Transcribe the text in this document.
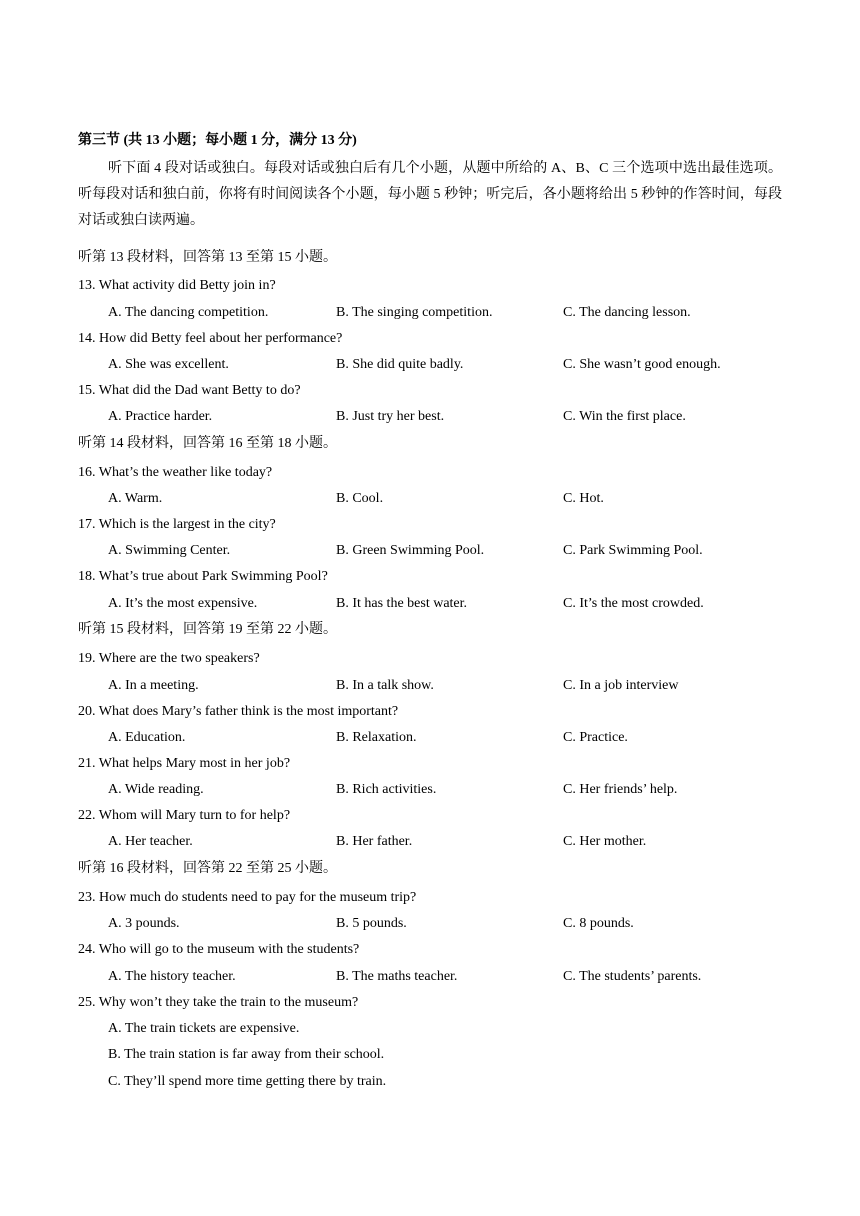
第三节 (共 13 小题；每小题 1 分，满分 13 分)
听下面 4 段对话或独白。每段对话或独白后有几个小题，从题中所给的 A、B、C 三个选项中选出最佳选项。听每段对话和独白前，你将有时间阅读各个小题，每小题 5 秒钟；听完后，各小题将给出 5 秒钟的作答时间，每段对话或独白读两遍。
听第 13 段材料，回答第 13 至第 15 小题。
13. What activity did Betty join in?
A. The dancing competition.	B. The singing competition.	C. The dancing lesson.
14. How did Betty feel about her performance?
A. She was excellent.	B. She did quite badly.	C. She wasn’t good enough.
15. What did the Dad want Betty to do?
A. Practice harder.	B. Just try her best.	C. Win the first place.
听第 14 段材料，回答第 16 至第 18 小题。
16. What’s the weather like today?
A. Warm.	B. Cool.	C. Hot.
17. Which is the largest in the city?
A. Swimming Center.	B. Green Swimming Pool.	C. Park Swimming Pool.
18. What’s true about Park Swimming Pool?
A. It’s the most expensive.	B. It has the best water.	C. It’s the most crowded.
听第 15 段材料，回答第 19 至第 22 小题。
19. Where are the two speakers?
A. In a meeting.	B. In a talk show.	C. In a job interview
20. What does Mary’s father think is the most important?
A. Education.	B. Relaxation.	C. Practice.
21. What helps Mary most in her job?
A. Wide reading.	B. Rich activities.	C. Her friends’ help.
22. Whom will Mary turn to for help?
A. Her teacher.	B. Her father.	C. Her mother.
听第 16 段材料，回答第 22 至第 25 小题。
23. How much do students need to pay for the museum trip?
A. 3 pounds.	B. 5 pounds.	C. 8 pounds.
24. Who will go to the museum with the students?
A. The history teacher.	B. The maths teacher.	C. The students’ parents.
25. Why won’t they take the train to the museum?
A. The train tickets are expensive.
B. The train station is far away from their school.
C. They’ll spend more time getting there by train.
